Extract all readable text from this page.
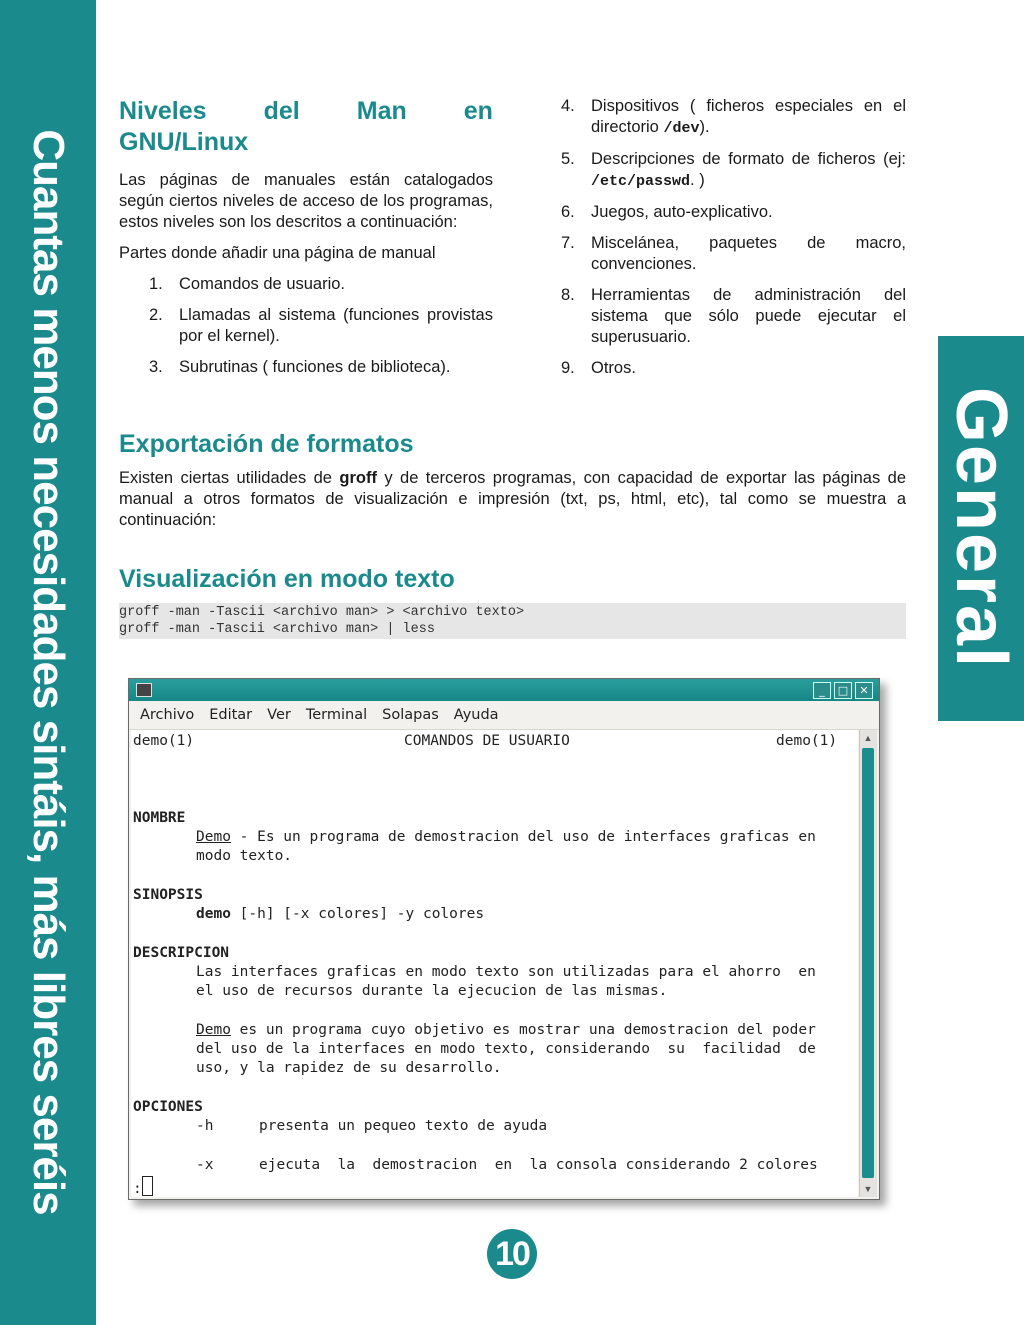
Cuantas menos necesidades sintáis, más libres seréis	General
Niveles del Man en
GNU/Linux

Las páginas de manuales están catalogados según ciertos niveles de acceso de los programas, estos niveles son los descritos a continuación:

Partes donde añadir una página de manual

1. Comandos de usuario.
2. Llamadas al sistema (funciones provistas por el kernel).
3. Subrutinas ( funciones de biblioteca).
4. Dispositivos ( ficheros especiales en el directorio /dev).
5. Descripciones de formato de ficheros (ej: /etc/passwd. )
6. Juegos, auto-explicativo.
7. Miscelánea, paquetes de macro, convenciones.
8. Herramientas de administración del sistema que sólo puede ejecutar el superusuario.
9. Otros.
Exportación de formatos

Existen ciertas utilidades de groff y de terceros programas, con capacidad de exportar las páginas de manual a otros formatos de visualización e impresión (txt, ps, html, etc), tal como se muestra a continuación:

Visualización en modo texto
groff -man -Tascii <archivo man> > <archivo texto>
groff -man -Tascii <archivo man> | less
_	□	✕
Archivo Editar Ver Terminal Solapas Ayuda
demo(1)	COMANDOS DE USUARIO	demo(1)
NOMBRE
Demo - Es un programa de demostracion del uso de interfaces graficas en
modo texto.
SINOPSIS
demo [-h] [-x colores] -y colores
DESCRIPCION
Las interfaces graficas en modo texto son utilizadas para el ahorro  en
el uso de recursos durante la ejecucion de las mismas.
Demo es un programa cuyo objetivo es mostrar una demostracion del poder
del uso de la interfaces en modo texto, considerando  su  facilidad  de
uso, y la rapidez de su desarrollo.
OPCIONES
-h	presenta un pequeo texto de ayuda
-x	ejecuta  la  demostracion  en  la consola considerando 2 colores
:
▲
▼
10
